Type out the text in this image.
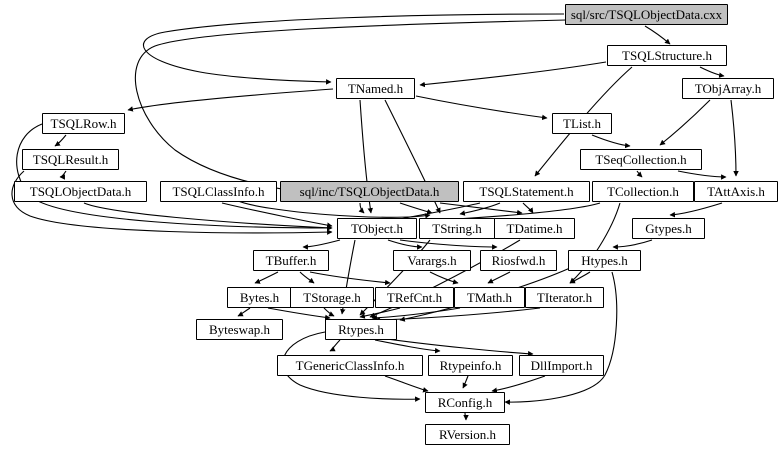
sql/src/TSQLObjectData.cxx
TSQLStructure.h
TObjArray.h
TNamed.h
TList.h
TSQLRow.h
TSQLResult.h	TSeqCollection.h
TSQLObjectData.h	TSQLClassInfo.h	sql/inc/TSQLObjectData.h	TSQLStatement.h	TCollection.h TAttAxis.h
TObject.h TString.h TDatime.h	Gtypes.h
TBuffer.h	Varargs.h	Riosfwd.h	Htypes.h
Bytes.h TStorage.h TRefCnt.h TMath.h TIterator.h
Byteswap.h	Rtypes.h
TGenericClassInfo.h	Rtypeinfo.h DllImport.h
RConfig.h
RVersion.h
